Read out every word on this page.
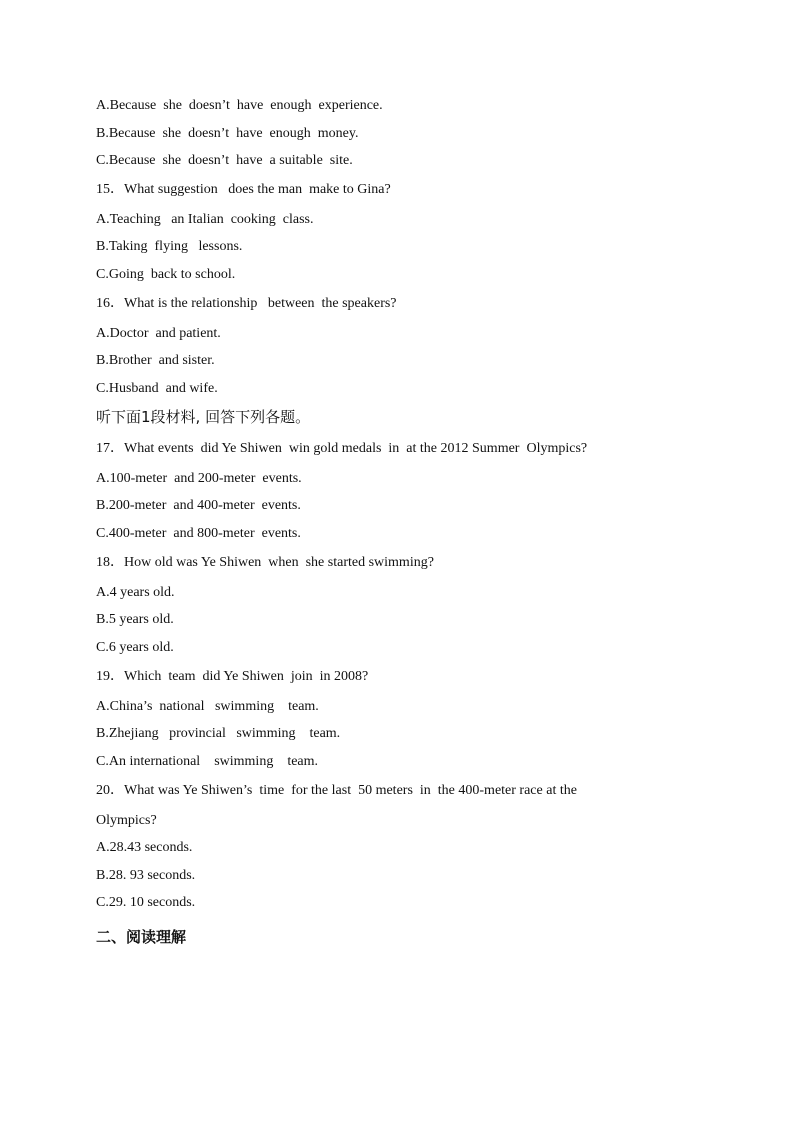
A.Because  she  doesn’t  have  enough  experience.
B.Because  she  doesn’t  have  enough  money.
C.Because  she  doesn’t  have  a suitable  site.
15．What suggestion   does the man  make to Gina?
A.Teaching   an Italian  cooking  class.
B.Taking  flying   lessons.
C.Going  back to school.
16．What is the relationship   between  the speakers?
A.Doctor  and patient.
B.Brother  and sister.
C.Husband  and wife.
听下面1段材料, 回答下列各题。
17．What events  did Ye Shiwen  win gold medals  in  at the 2012 Summer  Olympics?
A.100-meter  and 200-meter  events.
B.200-meter  and 400-meter  events.
C.400-meter  and 800-meter  events.
18．How old was Ye Shiwen  when  she started swimming?
A.4 years old.
B.5 years old.
C.6 years old.
19．Which  team  did Ye Shiwen  join  in 2008?
A.China’s  national   swimming    team.
B.Zhejiang   provincial   swimming    team.
C.An international    swimming    team.
20．What was Ye Shiwen’s  time  for the last  50 meters  in  the 400-meter race at the
Olympics?
A.28.43 seconds.
B.28. 93 seconds.
C.29. 10 seconds.
二、阅读理解
